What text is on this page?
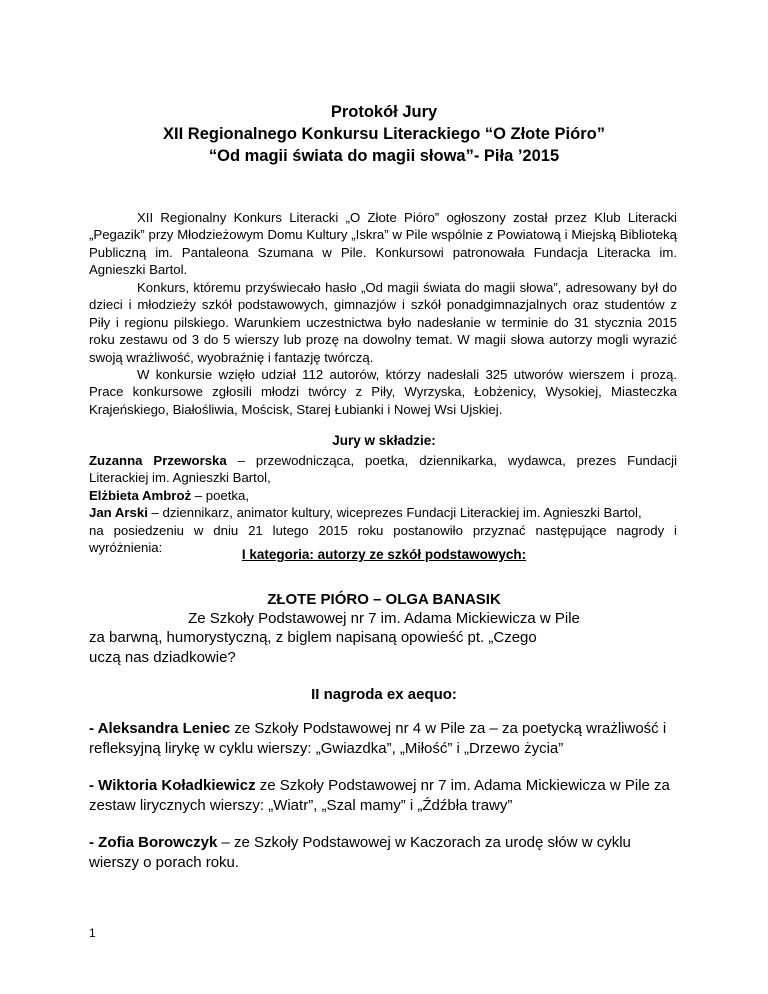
Protokół Jury
XII Regionalnego Konkursu Literackiego “O Złote Pióro”
“Od magii świata do magii słowa”- Piła ’2015

XII Regionalny Konkurs Literacki „O Złote Pióro” ogłoszony został przez Klub Literacki „Pegazik” przy Młodzieżowym Domu Kultury „Iskra” w Pile wspólnie z Powiatową i Miejską Biblioteką Publiczną im. Pantaleona Szumana w Pile. Konkursowi patronowała Fundacja Literacka im. Agnieszki Bartol.

Konkurs, któremu przyświecało hasło „Od magii świata do magii słowa”, adresowany był do dzieci i młodzieży szkół podstawowych, gimnazjów i szkół ponadgimnazjalnych oraz studentów z Piły i regionu pilskiego. Warunkiem uczestnictwa było nadesłanie w terminie do 31 stycznia 2015 roku zestawu od 3 do 5 wierszy lub prozę na dowolny temat. W magii słowa autorzy mogli wyrazić swoją wrażliwość, wyobraźnię i fantazję twórczą.

W konkursie wzięło udział 112 autorów, którzy nadesłali 325 utworów wierszem i prozą. Prace konkursowe zgłosili młodzi twórcy z Piły, Wyrzyska, Łobżenicy, Wysokiej, Miasteczka Krajeńskiego, Białośliwia, Mościsk, Starej Łubianki i Nowej Wsi Ujskiej.

Jury w składzie:
Zuzanna Przeworska – przewodnicząca, poetka, dziennikarka, wydawca, prezes Fundacji Literackiej im. Agnieszki Bartol,
Elżbieta Ambroż – poetka,
Jan Arski – dziennikarz, animator kultury, wiceprezes Fundacji Literackiej im. Agnieszki Bartol,
na posiedzeniu w dniu 21 lutego 2015 roku postanowiło przyznać następujące nagrody i wyróżnienia:	I kategoria: autorzy ze szkół podstawowych:

ZŁOTE PIÓRO – OLGA BANASIK

Ze Szkoły Podstawowej nr 7 im. Adama Mickiewicza w Pile

za barwną, humorystyczną, z biglem napisaną opowieść pt. „Czego uczą nas dziadkowie?

II nagroda ex aequo:

- Aleksandra Leniec ze Szkoły Podstawowej nr 4 w Pile za – za poetycką wrażliwość i refleksyjną lirykę w cyklu wierszy: „Gwiazdka”, „Miłość” i „Drzewo życia”

- Wiktoria Koładkiewicz ze Szkoły Podstawowej nr 7 im. Adama Mickiewicza w Pile za zestaw lirycznych wierszy: „Wiatr”, „Szal mamy” i „Źdźbła trawy”

- Zofia Borowczyk – ze Szkoły Podstawowej w Kaczorach za urodę słów w cyklu wierszy o porach roku.

1
